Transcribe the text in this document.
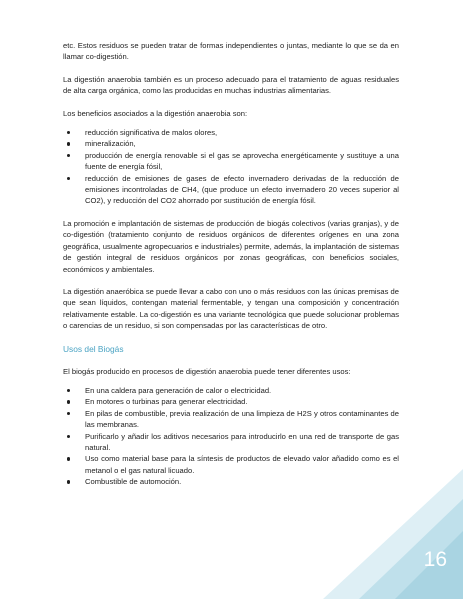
etc. Estos residuos se pueden tratar de formas independientes o juntas, mediante lo que se da en llamar co-digestión.

La digestión anaerobia también es un proceso adecuado para el tratamiento de aguas residuales de alta carga orgánica, como las producidas en muchas industrias alimentarias.

Los beneficios asociados a la digestión anaerobia son:

reducción significativa de malos olores,
mineralización,
producción de energía renovable si el gas se aprovecha energéticamente y sustituye a una fuente de energía fósil,
reducción de emisiones de gases de efecto invernadero derivadas de la reducción de emisiones incontroladas de CH4, (que produce un efecto invernadero 20 veces superior al CO2), y reducción del CO2 ahorrado por sustitución de energía fósil.

La promoción e implantación de sistemas de producción de biogás colectivos (varias granjas), y de co-digestión (tratamiento conjunto de residuos orgánicos de diferentes orígenes en una zona geográfica, usualmente agropecuarios e industriales) permite, además, la implantación de sistemas de gestión integral de residuos orgánicos por zonas geográficas, con beneficios sociales, económicos y ambientales.

La digestión anaeróbica se puede llevar a cabo con uno o más residuos con las únicas premisas de que sean líquidos, contengan material fermentable, y tengan una composición y concentración relativamente estable. La co-digestión es una variante tecnológica que puede solucionar problemas o carencias de un residuo, si son compensadas por las características de otro.

Usos del Biogás

El biogás producido en procesos de digestión anaerobia puede tener diferentes usos:

En una caldera para generación de calor o electricidad.
En motores o turbinas para generar electricidad.
En pilas de combustible, previa realización de una limpieza de H2S y otros contaminantes de las membranas.
Purificarlo y añadir los aditivos necesarios para introducirlo en una red de transporte de gas natural.
Uso como material base para la síntesis de productos de elevado valor añadido como es el metanol o el gas natural licuado.
Combustible de automoción.
16
